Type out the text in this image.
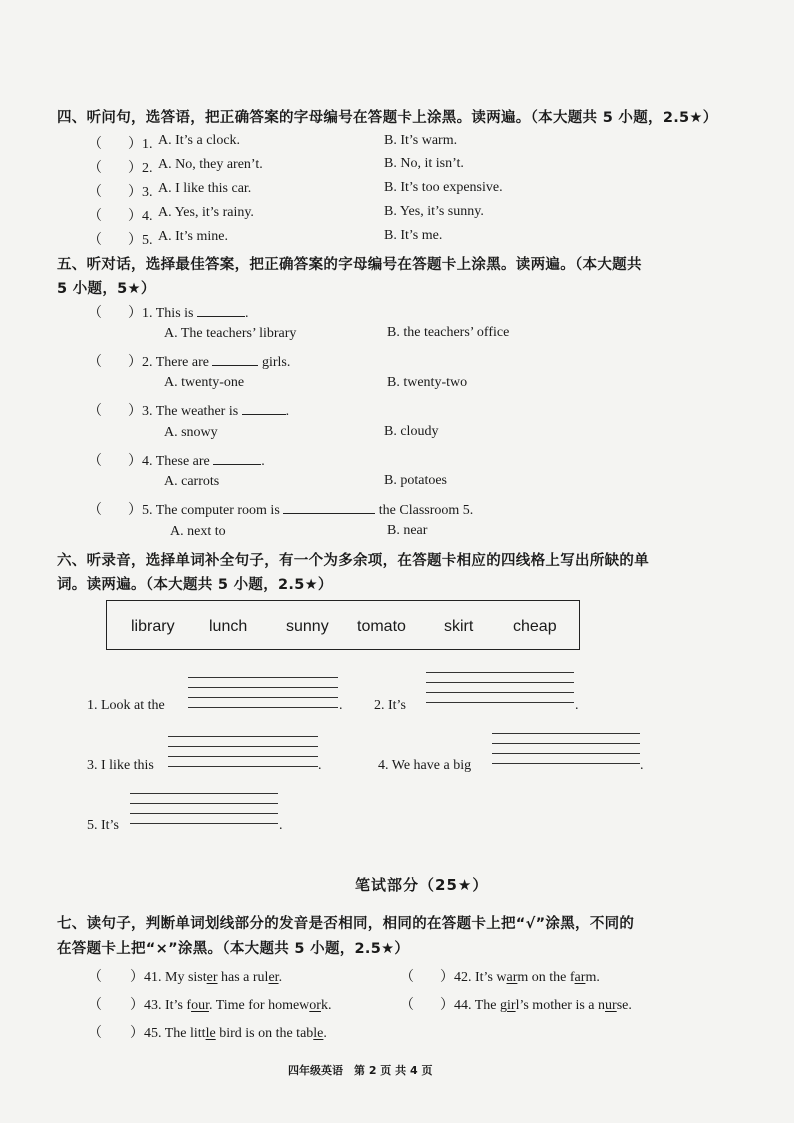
四、听问句，选答语，把正确答案的字母编号在答题卡上涂黑。读两遍。（本大题共 5 小题，2.5★）
（ ）1. A. It’s a clock.	B. It’s warm.
（ ）2. A. No, they aren’t.	B. No, it isn’t.
（ ）3. A. I like this car.	B. It’s too expensive.
（ ）4. A. Yes, it’s rainy.	B. Yes, it’s sunny.
（ ）5. A. It’s mine.	B. It’s me.
五、听对话，选择最佳答案，把正确答案的字母编号在答题卡上涂黑。读两遍。（本大题共
5 小题，5★）
（ ）1. This is	.
A. The teachers’ library	B. the teachers’ office
（ ）2. There are	girls.
A. twenty-one	B. twenty-two
（ ）3. The weather is	.
A. snowy	B. cloudy
（ ）4. These are	.
A. carrots	B. potatoes
（ ）5. The computer room is	the Classroom 5.
A. next to	B. near
六、听录音，选择单词补全句子，有一个为多余项，在答题卡相应的四线格上写出所缺的单
词。读两遍。（本大题共 5 小题，2.5★）
library lunch sunny tomato skirt cheap
1. Look at the	. 2. It’s	.
3. I like this	.	4. We have a big	.
5. It’s	.
笔试部分（25★）
七、读句子，判断单词划线部分的发音是否相同，相同的在答题卡上把“√”涂黑，不同的
在答题卡上把“×”涂黑。（本大题共 5 小题，2.5★）
（ ）41. My sister has a ruler.	（ ）42. It’s warm on the farm.
（ ）43. It’s four. Time for homework.	（ ）44. The girl’s mother is a nurse.
（ ）45. The little bird is on the table.
四年级英语　第 2 页 共 4 页
